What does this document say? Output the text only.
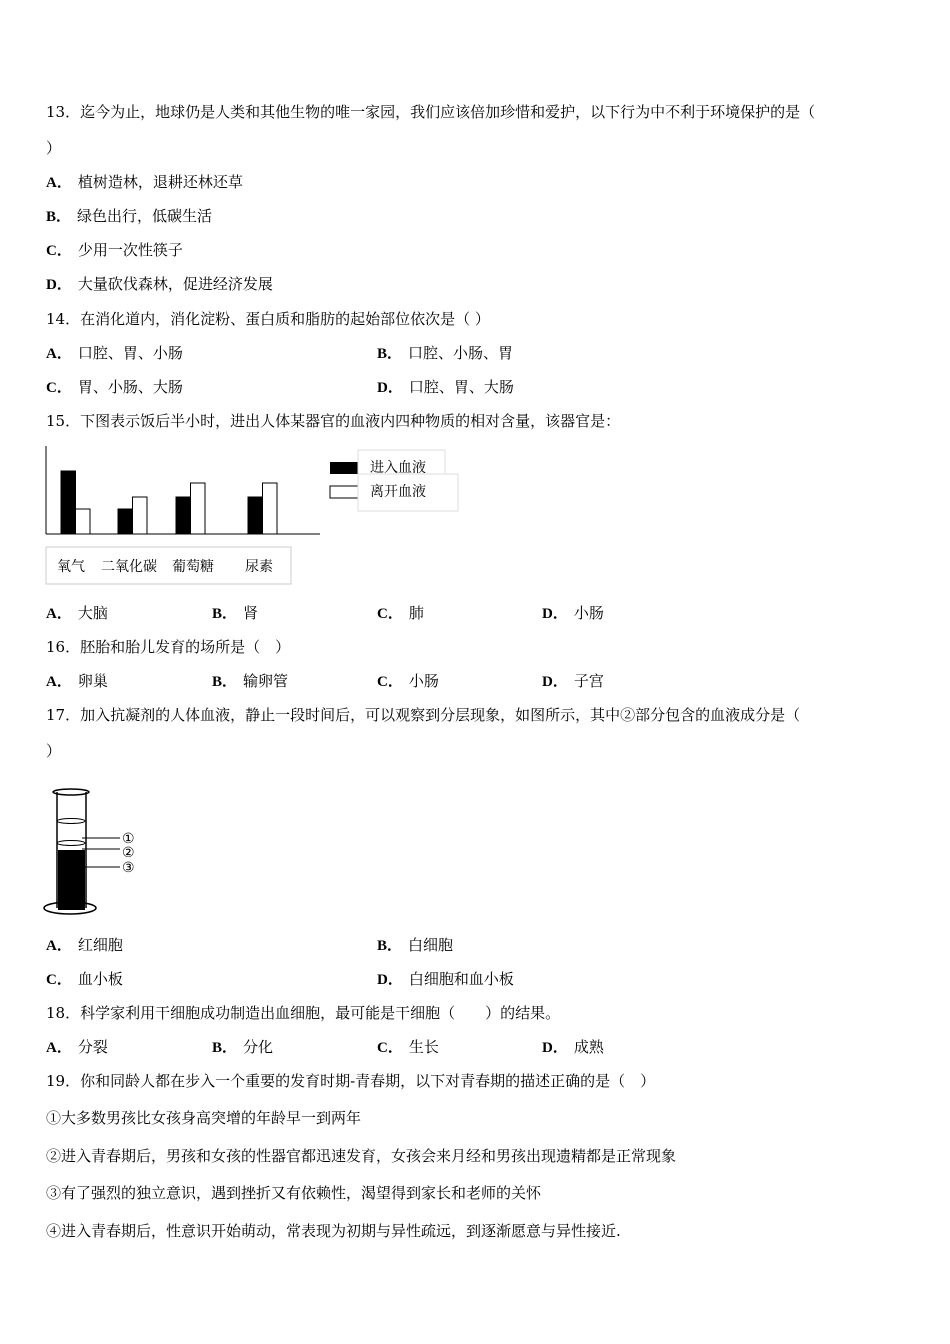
13．迄今为止，地球仍是人类和其他生物的唯一家园，我们应该倍加珍惜和爱护，以下行为中不利于环境保护的是（
）
A． 植树造林，退耕还林还草
B． 绿色出行，低碳生活
C． 少用一次性筷子
D． 大量砍伐森林，促进经济发展
14．在消化道内，消化淀粉、蛋白质和脂肪的起始部位依次是（ ）
A． 口腔、胃、小肠	B． 口腔、小肠、胃
C． 胃、小肠、大肠	D． 口腔、胃、大肠
15．下图表示饭后半小时，进出人体某器官的血液内四种物质的相对含量，该器官是：
氧气 二氧化碳 葡萄糖 尿素
进入血液
离开血液
A． 大脑	B． 肾	C． 肺	D． 小肠
16．胚胎和胎儿发育的场所是（　）
A． 卵巢	B． 输卵管	C． 小肠	D． 子宫
17．加入抗凝剂的人体血液，静止一段时间后，可以观察到分层现象，如图所示，其中②部分包含的血液成分是（
）
①
②
③
A． 红细胞	B． 白细胞
C． 血小板	D． 白细胞和血小板
18．科学家利用干细胞成功制造出血细胞，最可能是干细胞（　　）的结果。
A． 分裂	B． 分化	C． 生长	D． 成熟
19．你和同龄人都在步入一个重要的发育时期-青春期，以下对青春期的描述正确的是（　）
①大多数男孩比女孩身高突增的年龄早一到两年
②进入青春期后，男孩和女孩的性器官都迅速发育，女孩会来月经和男孩出现遗精都是正常现象
③有了强烈的独立意识，遇到挫折又有依赖性，渴望得到家长和老师的关怀
④进入青春期后，性意识开始萌动，常表现为初期与异性疏远，到逐渐愿意与异性接近.
